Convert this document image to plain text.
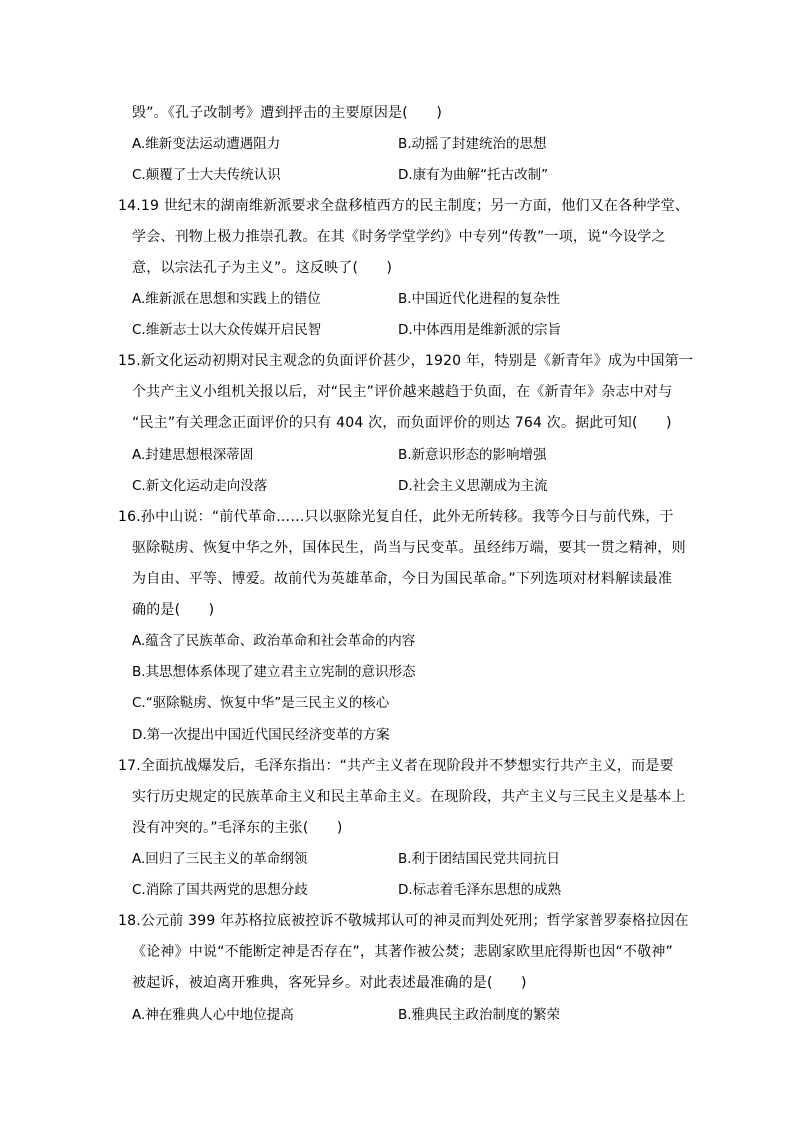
毁”。《孔子改制考》遭到抨击的主要原因是(　　)
A.维新变法运动遭遇阻力	B.动摇了封建统治的思想
C.颠覆了士大夫传统认识	D.康有为曲解“托古改制”
14.19 世纪末的湖南维新派要求全盘移植西方的民主制度；另一方面，他们又在各种学堂、
学会、刊物上极力推崇孔教。在其《时务学堂学约》中专列“传教”一项，说“今设学之
意，以宗法孔子为主义”。这反映了(　　)
A.维新派在思想和实践上的错位	B.中国近代化进程的复杂性
C.维新志士以大众传媒开启民智	D.中体西用是维新派的宗旨
15.新文化运动初期对民主观念的负面评价甚少，1920 年，特别是《新青年》成为中国第一
个共产主义小组机关报以后，对“民主”评价越来越趋于负面，在《新青年》杂志中对与
“民主”有关理念正面评价的只有 404 次，而负面评价的则达 764 次。据此可知(　　)
A.封建思想根深蒂固	B.新意识形态的影响增强
C.新文化运动走向没落	D.社会主义思潮成为主流
16.孙中山说：“前代革命……只以驱除光复自任，此外无所转移。我等今日与前代殊，于
驱除鞑虏、恢复中华之外，国体民生，尚当与民变革。虽经纬万端，要其一贯之精神，则
为自由、平等、博爱。故前代为英雄革命，今日为国民革命。”下列选项对材料解读最准
确的是(　　)
A.蕴含了民族革命、政治革命和社会革命的内容
B.其思想体系体现了建立君主立宪制的意识形态
C.“驱除鞑虏、恢复中华”是三民主义的核心
D.第一次提出中国近代国民经济变革的方案
17.全面抗战爆发后，毛泽东指出：“共产主义者在现阶段并不梦想实行共产主义，而是要
实行历史规定的民族革命主义和民主革命主义。在现阶段，共产主义与三民主义是基本上
没有冲突的。”毛泽东的主张(　　)
A.回归了三民主义的革命纲领	B.利于团结国民党共同抗日
C.消除了国共两党的思想分歧	D.标志着毛泽东思想的成熟
18.公元前 399 年苏格拉底被控诉不敬城邦认可的神灵而判处死刑；哲学家普罗泰格拉因在
《论神》中说“不能断定神是否存在”，其著作被公焚；悲剧家欧里庇得斯也因“不敬神”
被起诉，被迫离开雅典，客死异乡。对此表述最准确的是(　　)
A.神在雅典人心中地位提高	B.雅典民主政治制度的繁荣
